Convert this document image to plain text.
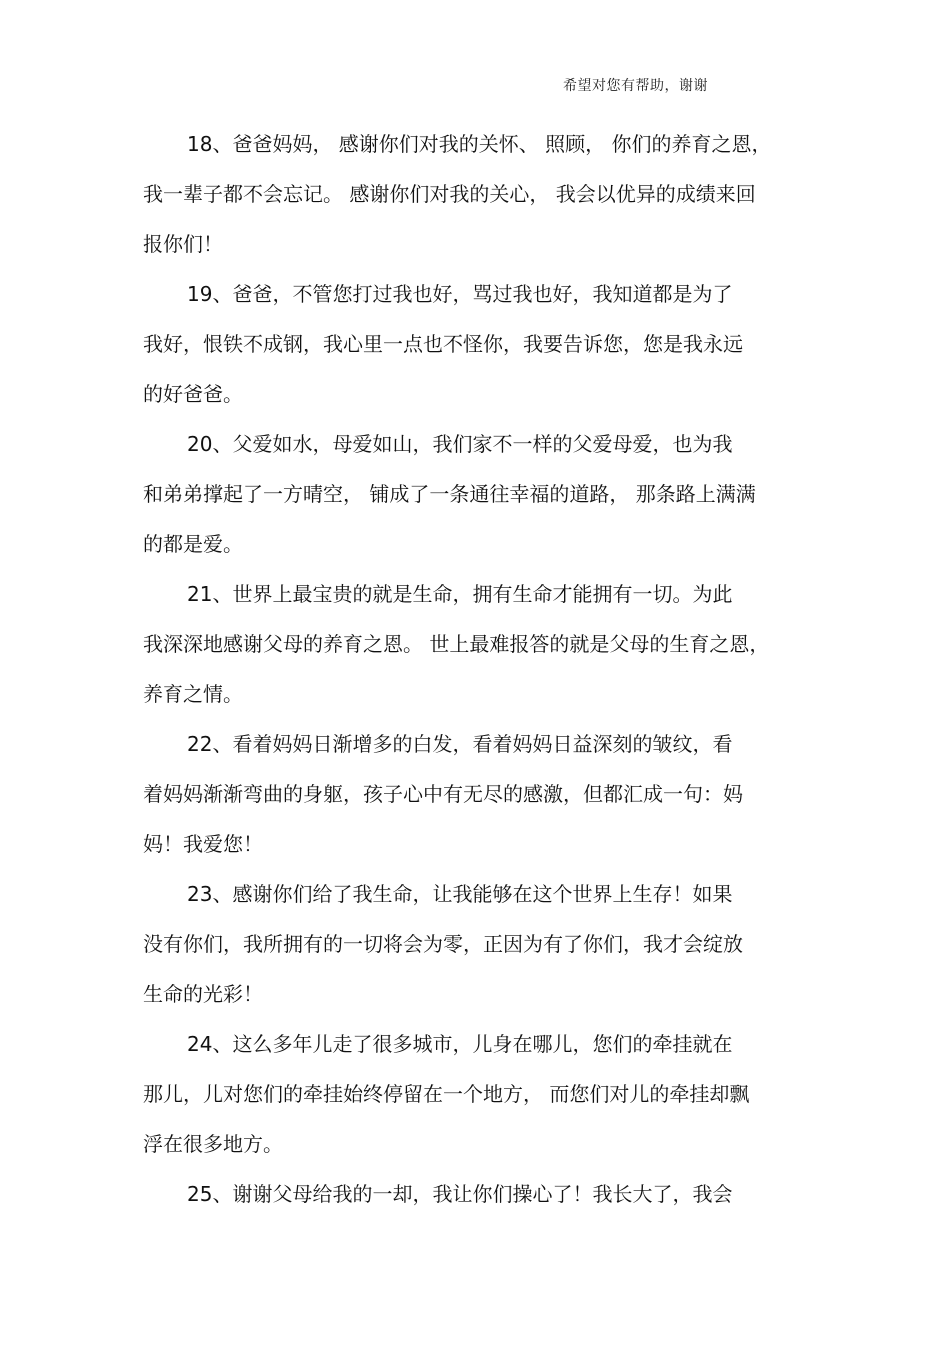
希望对您有帮助，谢谢
18、爸爸妈妈， 感谢你们对我的关怀、 照顾， 你们的养育之恩，
我一辈子都不会忘记。 感谢你们对我的关心， 我会以优异的成绩来回
报你们！
19、爸爸，不管您打过我也好，骂过我也好，我知道都是为了
我好，恨铁不成钢，我心里一点也不怪你，我要告诉您，您是我永远
的好爸爸。
20、父爱如水，母爱如山，我们家不一样的父爱母爱，也为我
和弟弟撑起了一方晴空， 铺成了一条通往幸福的道路， 那条路上满满
的都是爱。
21、世界上最宝贵的就是生命，拥有生命才能拥有一切。为此
我深深地感谢父母的养育之恩。 世上最难报答的就是父母的生育之恩，
养育之情。
22、看着妈妈日渐增多的白发，看着妈妈日益深刻的皱纹，看
着妈妈渐渐弯曲的身躯，孩子心中有无尽的感激，但都汇成一句：妈
妈！我爱您！
23、感谢你们给了我生命，让我能够在这个世界上生存！如果
没有你们，我所拥有的一切将会为零，正因为有了你们，我才会绽放
生命的光彩！
24、这么多年儿走了很多城市，儿身在哪儿，您们的牵挂就在
那儿，儿对您们的牵挂始终停留在一个地方， 而您们对儿的牵挂却飘
浮在很多地方。
25、谢谢父母给我的一却，我让你们操心了！我长大了，我会
